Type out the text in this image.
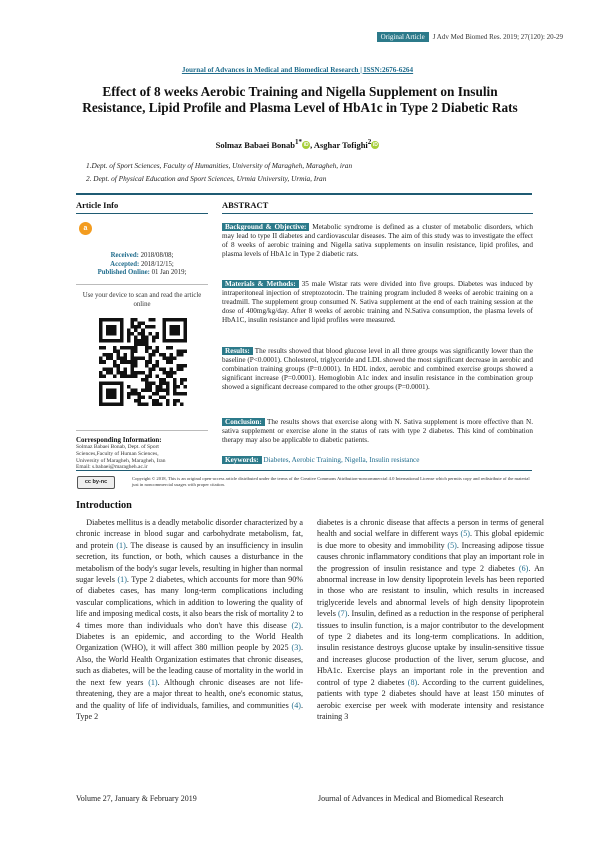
Original Article	J Adv Med Biomed Res. 2019; 27(120): 20-29
Journal of Advances in Medical and Biomedical Research | ISSN:2676-6264
Effect of 8 weeks Aerobic Training and Nigella Supplement on Insulin Resistance, Lipid Profile and Plasma Level of HbA1c in Type 2 Diabetic Rats
Solmaz Babaei Bonab$^{1*}$ iD , Asghar Tofighi$^2$ iD
1.Dept. of Sport Sciences, Faculty of Humanities, University of Maragheh, Maragheh, iran
2. Dept. of Physical Education and Sport Sciences, Urmia University, Urmia, Iran
Article Info
a
Received: 2018/08/08;
Accepted: 2018/12/15;
Published Online: 01 Jan 2019;
Use your device to scan and read the article online
Corresponding Information:
Solmaz Babaei Bonab, Dept. of Sport
Sciences,Faculty of Human Sciences,
University of Maragheh, Maragheh, Iran
Email: s.babaei@maragheh.ac.ir
ABSTRACT
Background & Objective: Metabolic syndrome is defined as a cluster of metabolic disorders, which may lead to type II diabetes and cardiovascular diseases. The aim of this study was to investigate the effect of 8 weeks of aerobic training and Nigella sativa supplements on insulin resistance, lipid profiles, and plasma levels of HbA1c in Type 2 diabetic rats.
Materials & Methods: 35 male Wistar rats were divided into five groups. Diabetes was induced by intraperitoneal injection of streptozotocin. The training program included 8 weeks of aerobic training on a treadmill. The supplement group consumed N. Sativa supplement at the end of each training session at the dose of 400mg/kg/day. After 8 weeks of aerobic training and N.Sativa consumption, the plasma levels of HbA1C, insulin resistance and lipid profiles were measured.
Results: The results showed that blood glucose level in all three groups was significantly lower than the baseline (P<0.0001). Cholesterol, triglyceride and LDL showed the most significant decrease in aerobic and combination training groups (P=0.0001). In HDL index, aerobic and combined exercise groups showed a significant increase (P=0.0001). Hemoglobin A1c index and insulin resistance in the combination group showed a significant decrease compared to the other groups (P=0.0001).
Conclusion: The results shows that exercise along with N. Sativa supplement is more effective than N. sativa supplement or exercise alone in the status of rats with type 2 diabetes. This kind of combination therapy may also be applicable to diabetic patients.
Keywords: Diabetes, Aerobic Training, Nigella, Insulin resistance
cc by-nc
Copyright © 2018, This is an original open-access article distributed under the terms of the Creative Commons Attribution-noncommercial 4.0 International License which permits copy and redistribute of the material just in noncommercial usages with proper citation.
Introduction
Diabetes mellitus is a deadly metabolic disorder characterized by a chronic increase in blood sugar and carbohydrate metabolism, fat, and protein (1). The disease is caused by an insufficiency in insulin secretion, its function, or both, which causes a disturbance in the metabolism of the body's sugar levels, resulting in higher than normal sugar levels (1). Type 2 diabetes, which accounts for more than 90% of diabetes cases, has many long-term complications including vascular complications, which in addition to lowering the quality of life and imposing medical costs, it also bears the risk of mortality 2 to 4 times more than individuals who don't have this disease (2). Diabetes is an epidemic, and according to the World Health Organization (WHO), it will affect 380 million people by 2025 (3). Also, the World Health Organization estimates that chronic diseases, such as diabetes, will be the leading cause of mortality in the world in the next few years (1). Although chronic diseases are not life-threatening, they are a major threat to health, one's economic status, and the quality of life of individuals, families, and communities (4). Type 2
diabetes is a chronic disease that affects a person in terms of general health and social welfare in different ways (5). This global epidemic is due more to obesity and immobility (5). Increasing adipose tissue causes chronic inflammatory conditions that play an important role in the progression of insulin resistance and type 2 diabetes (6). An abnormal increase in low density lipoprotein levels has been reported in those who are resistant to insulin, which results in increased triglyceride levels and abnormal levels of high density lipoprotein levels (7). Insulin, defined as a reduction in the response of peripheral tissues to insulin function, is a major contributor to the development of type 2 diabetes and its long-term complications. In addition, insulin resistance destroys glucose uptake by insulin-sensitive tissue and increases glucose production of the liver, serum glucose, and HbA1c. Exercise plays an important role in the prevention and control of type 2 diabetes (8). According to the current guidelines, patients with type 2 diabetes should have at least 150 minutes of aerobic exercise per week with moderate intensity and resistance training 3
Volume 27, January & February 2019	Journal of Advances in Medical and Biomedical Research
